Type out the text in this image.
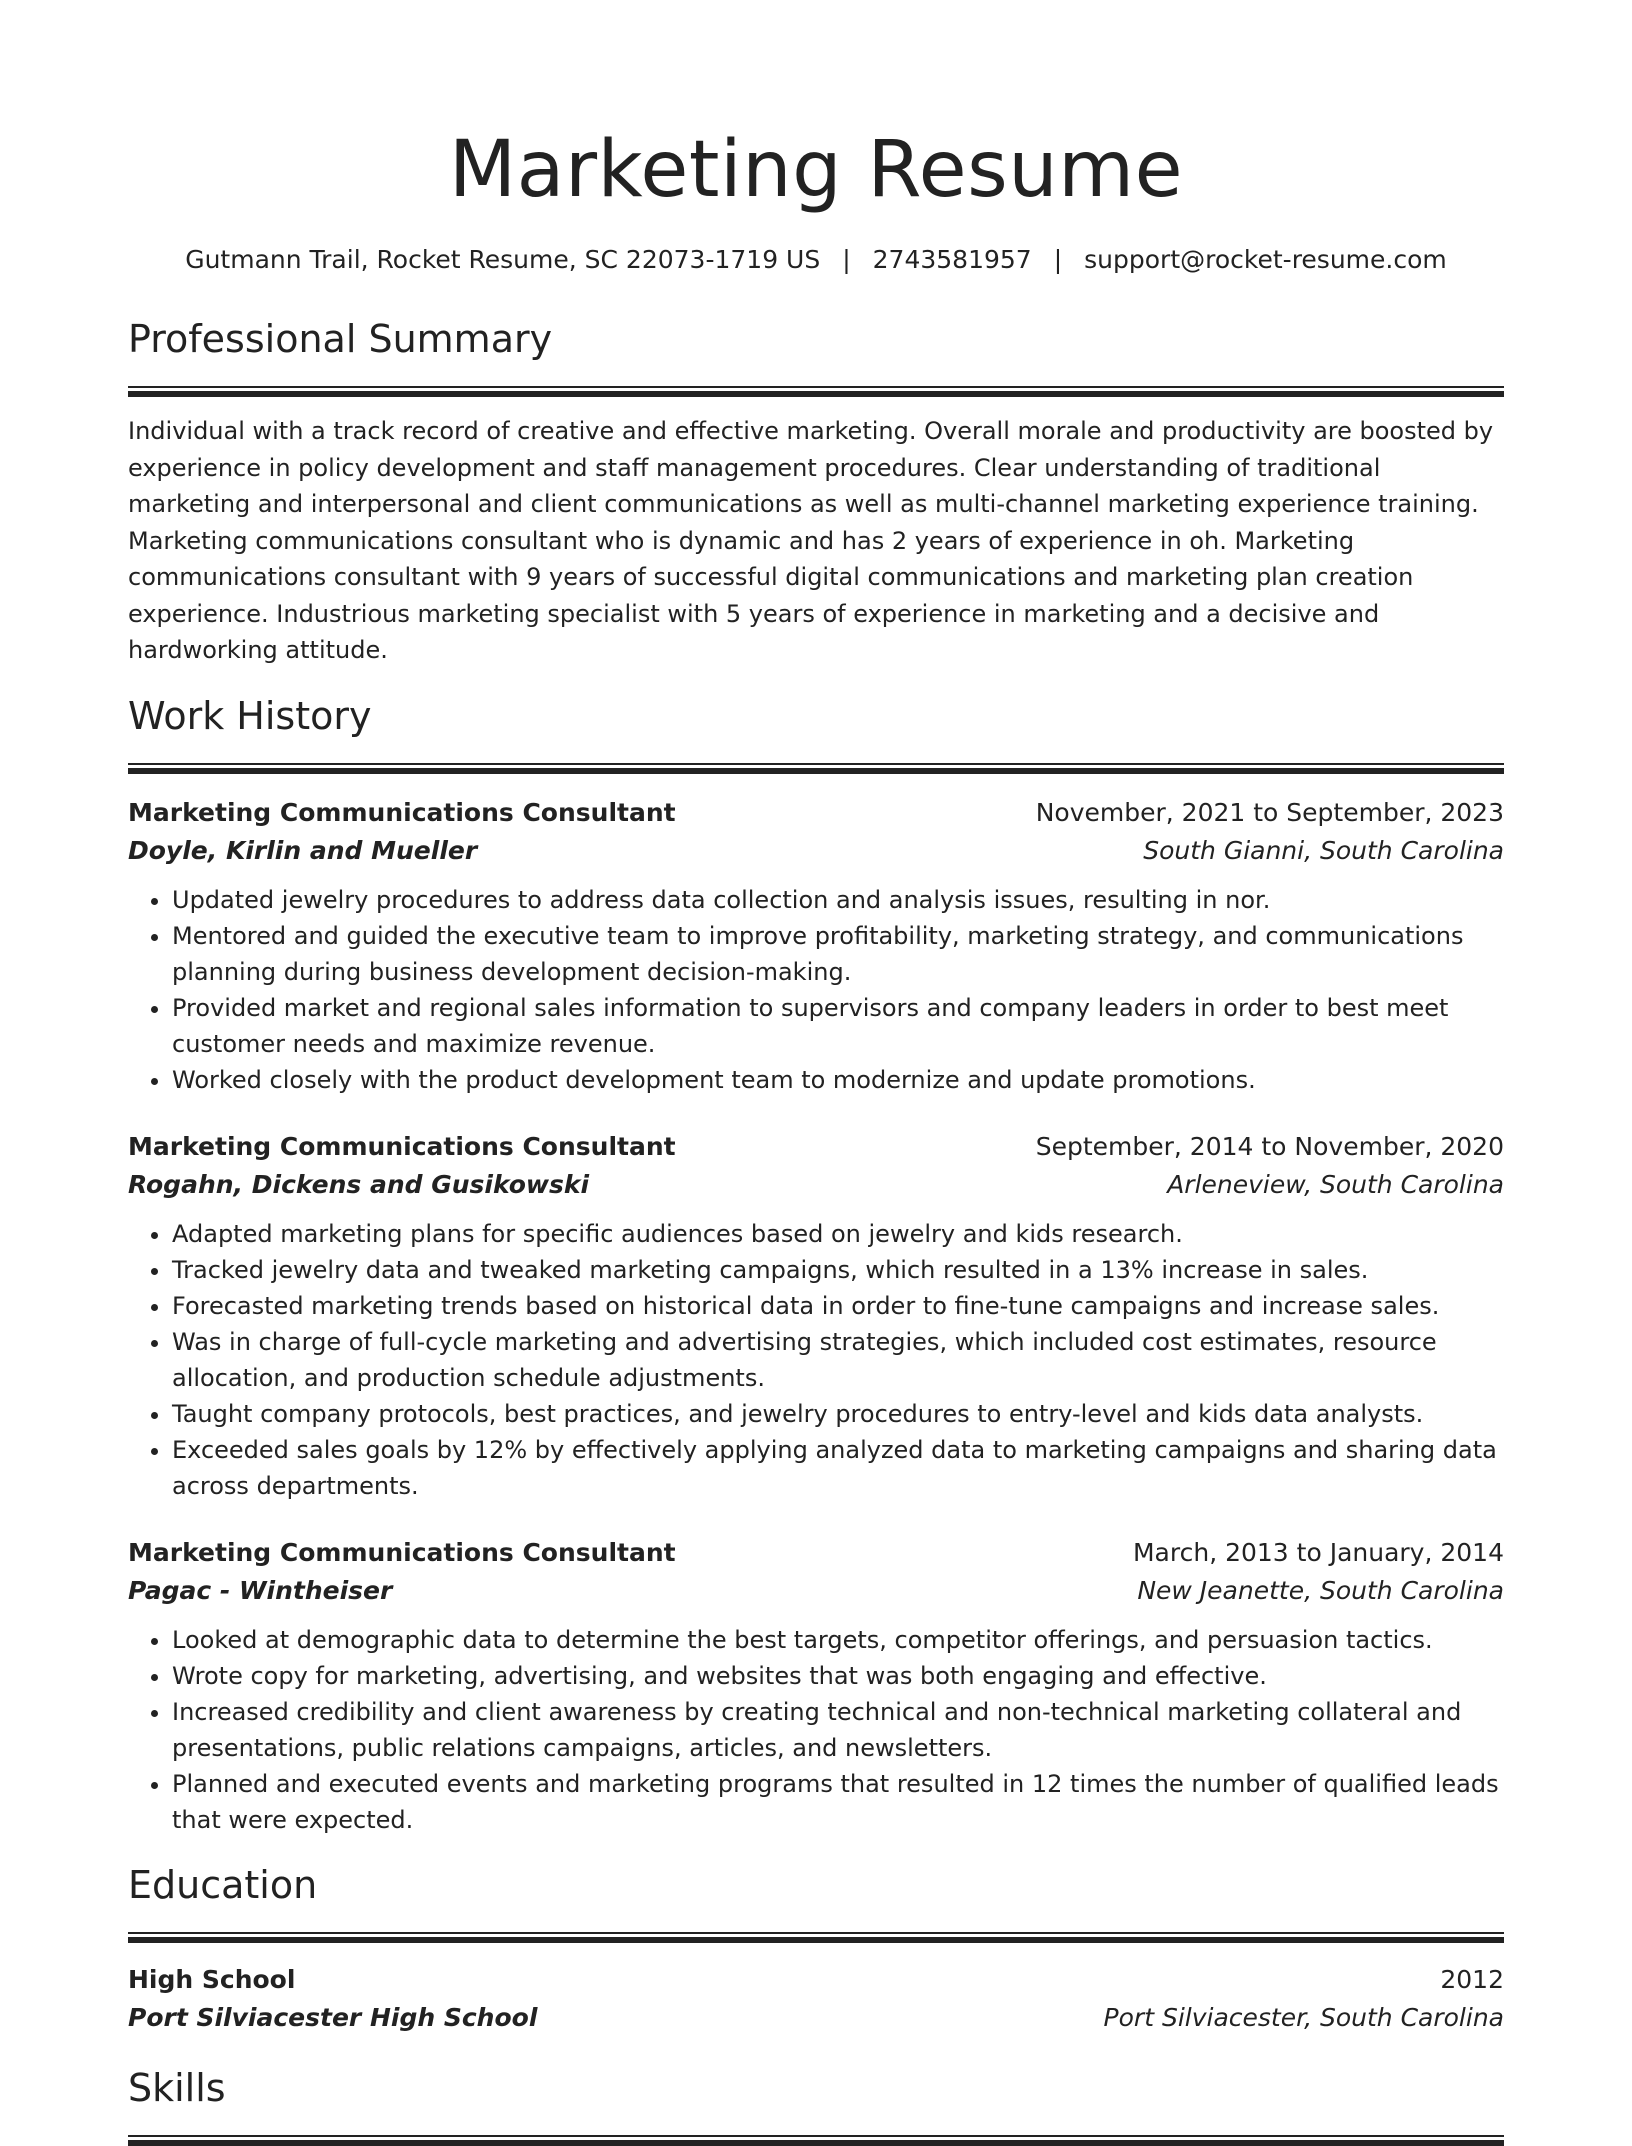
Marketing Resume
Gutmann Trail, Rocket Resume, SC 22073-1719 US | 2743581957 | support@rocket-resume.com
Professional Summary

Individual with a track record of creative and effective marketing. Overall morale and productivity are boosted by experience in policy development and staff management procedures. Clear understanding of traditional marketing and interpersonal and client communications as well as multi-channel marketing experience training. Marketing communications consultant who is dynamic and has 2 years of experience in oh. Marketing communications consultant with 9 years of successful digital communications and marketing plan creation experience. Industrious marketing specialist with 5 years of experience in marketing and a decisive and hardworking attitude.

Work History
Marketing Communications Consultant	November, 2021 to September, 2023
Doyle, Kirlin and Mueller	South Gianni, South Carolina
• Updated jewelry procedures to address data collection and analysis issues, resulting in nor.
• Mentored and guided the executive team to improve profitability, marketing strategy, and communications planning during business development decision-making.
• Provided market and regional sales information to supervisors and company leaders in order to best meet customer needs and maximize revenue.
• Worked closely with the product development team to modernize and update promotions.
Marketing Communications Consultant	September, 2014 to November, 2020
Rogahn, Dickens and Gusikowski	Arleneview, South Carolina
• Adapted marketing plans for specific audiences based on jewelry and kids research.
• Tracked jewelry data and tweaked marketing campaigns, which resulted in a 13% increase in sales.
• Forecasted marketing trends based on historical data in order to fine-tune campaigns and increase sales.
• Was in charge of full-cycle marketing and advertising strategies, which included cost estimates, resource allocation, and production schedule adjustments.
• Taught company protocols, best practices, and jewelry procedures to entry-level and kids data analysts.
• Exceeded sales goals by 12% by effectively applying analyzed data to marketing campaigns and sharing data across departments.
Marketing Communications Consultant	March, 2013 to January, 2014
Pagac - Wintheiser	New Jeanette, South Carolina
• Looked at demographic data to determine the best targets, competitor offerings, and persuasion tactics.
• Wrote copy for marketing, advertising, and websites that was both engaging and effective.
• Increased credibility and client awareness by creating technical and non-technical marketing collateral and presentations, public relations campaigns, articles, and newsletters.
• Planned and executed events and marketing programs that resulted in 12 times the number of qualified leads that were expected.
Education
High School	2012
Port Silviacester High School	Port Silviacester, South Carolina
Skills
